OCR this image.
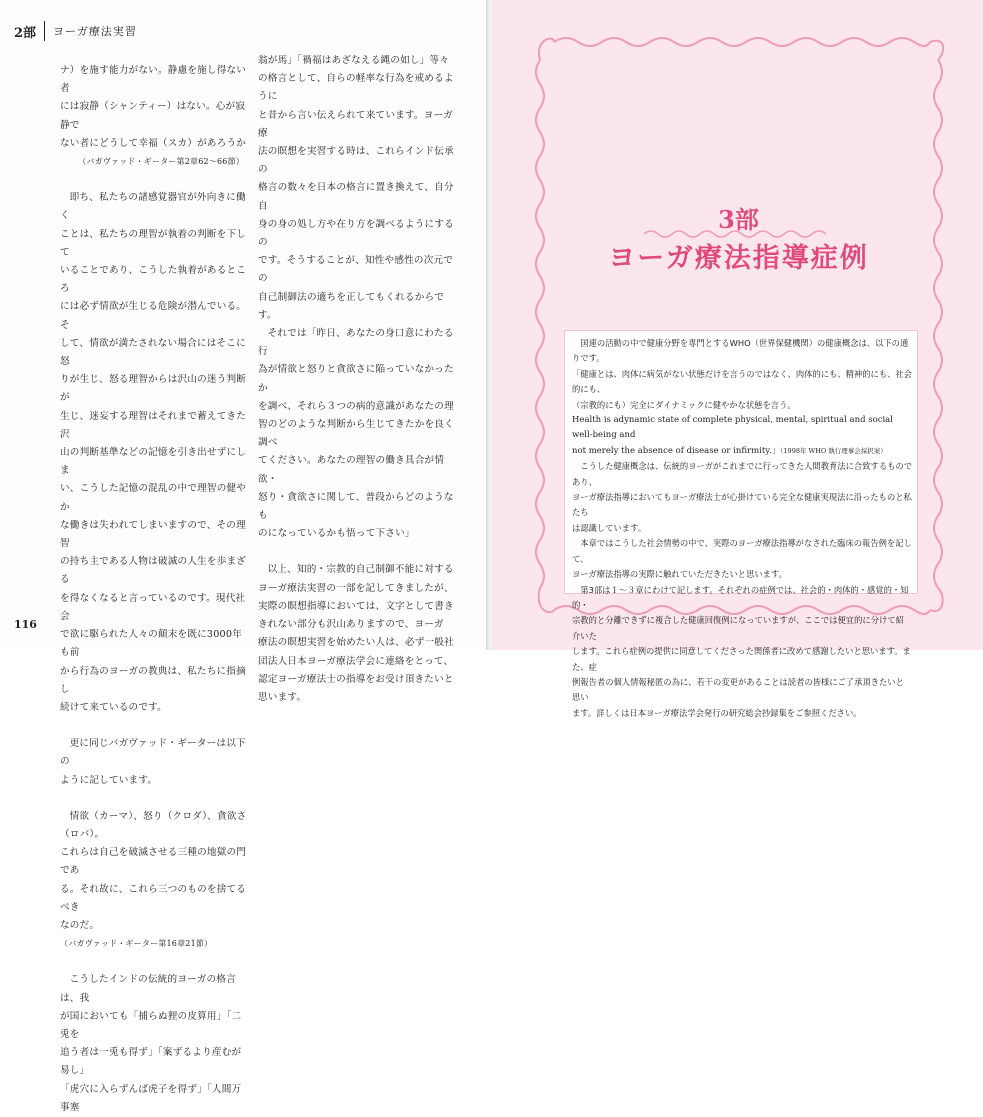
2部	ヨーガ療法実習

ナ）を施す能力がない。静慮を施し得ない者

には寂静（シャンティー）はない。心が寂静で

ない者にどうして幸福（スカ）があろうか

（バガヴァッド・ギーター第2章62〜66節）

即ち、私たちの諸感覚器官が外向きに働く

ことは、私たちの理智が執着の判断を下して

いることであり、こうした執着があるところ

には必ず情欲が生じる危険が潜んでいる。そ

して、情欲が満たされない場合にはそこに怒

りが生じ、怒る理智からは沢山の迷う判断が

生じ、迷妄する理智はそれまで蓄えてきた沢

山の判断基準などの記憶を引き出せずにしま

い、こうした記憶の混乱の中で理智の健やか

な働きは失われてしまいますので、その理智

の持ち主である人物は破滅の人生を歩まざる

を得なくなると言っているのです。現代社会

で欲に駆られた人々の顛末を既に3000年も前

から行為のヨーガの教典は、私たちに指摘し

続けて来ているのです。

更に同じバガヴァッド・ギーターは以下の

ように記しています。

情欲（カーマ）、怒り（クロダ）、貪欲さ（ロバ）。

これらは自己を破滅させる三種の地獄の門であ

る。それ故に、これら三つのものを捨てるべき

なのだ。　（バガヴァッド・ギーター第16章21節）

こうしたインドの伝統的ヨーガの格言は、我

が国においても「捕らぬ狸の皮算用」「二兎を

追う者は一兎も得ず」「案ずるより産むが易し」

「虎穴に入らずんば虎子を得ず」「人間万事塞

翁が馬」「禍福はあざなえる縄の如し」等々

の格言として、自らの軽率な行為を戒めるように

と昔から言い伝えられて来ています。ヨーガ療

法の瞑想を実習する時は、これらインド伝承の

格言の数々を日本の格言に置き換えて、自分自

身の身の処し方や在り方を調べるようにするの

です。そうすることが、知性や感性の次元での

自己制御法の適ちを正してもくれるからです。

それでは「昨日、あなたの身口意にわたる行

為が情欲と怒りと貪欲さに陥っていなかったか

を調べ、それら３つの病的意識があなたの理

智のどのような判断から生じてきたかを良く調べ

てください。あなたの理智の働き具合が情欲・

怒り・貪欲さに関して、普段からどのようなも

のになっているかも悟って下さい」

以上、知的・宗教的自己制御不能に対する

ヨーガ療法実習の一部を記してきましたが、

実際の瞑想指導においては、文字として書き

きれない部分も沢山ありますので、ヨーガ

療法の瞑想実習を始めたい人は、必ず一般社

団法人日本ヨーガ療法学会に連絡をとって、

認定ヨーガ療法士の指導をお受け頂きたいと

思います。

116
3部
ヨーガ療法指導症例

国連の活動の中で健康分野を専門とするWHO（世界保健機関）の健康概念は、以下の通りです。

「健康とは、肉体に病気がない状態だけを言うのではなく、肉体的にも、精神的にも、社会的にも、

（宗教的にも）完全にダイナミックに健やかな状態を言う。

Health is adynamic state of complete physical, mental, spiritual and social well-being and

not merely the absence of disease or infirmity.」（1998年 WHO 執行理事会採択案）

こうした健康概念は、伝統的ヨーガがこれまでに行ってきた人間教育法に合致するものであり、

ヨーガ療法指導においてもヨーガ療法士が心掛けている完全な健康実現法に沿ったものと私たち

は認識しています。

本章ではこうした社会情勢の中で、実際のヨーガ療法指導がなされた臨床の報告例を記して、

ヨーガ療法指導の実際に触れていただきたいと思います。

第3部は１〜３章にわけて記します。それぞれの症例では、社会的・肉体的・感覚的・知的・

宗教的と分離できずに複合した健康回復例になっていますが、ここでは便宜的に分けて紹介いた

します。これら症例の提供に同意してくださった関係者に改めて感謝したいと思います。また、症

例報告者の個人情報秘匿の為に、若干の変更があることは読者の皆様にご了承頂きたいと思い

ます。詳しくは日本ヨーガ療法学会発行の研究総会抄録集をご参照ください。
